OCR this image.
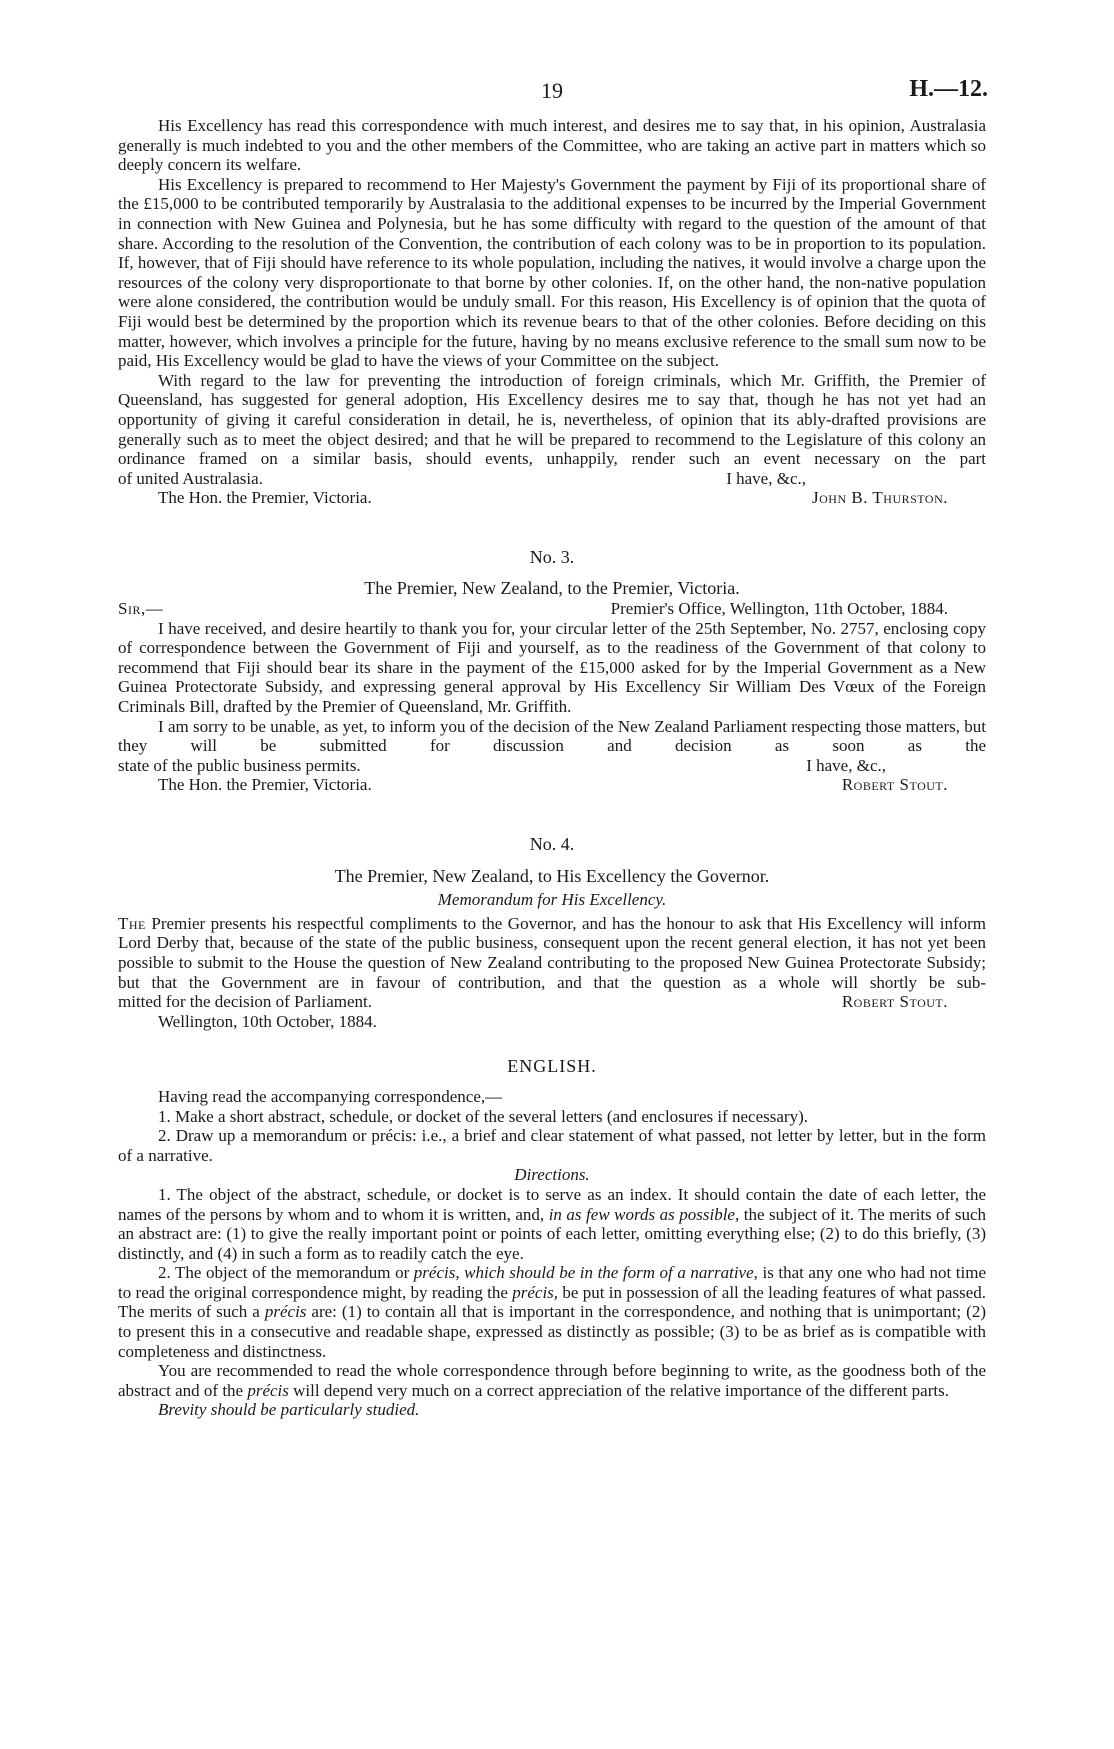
19	H.—12.

His Excellency has read this correspondence with much interest, and desires me to say that, in his opinion, Australasia generally is much indebted to you and the other members of the Committee, who are taking an active part in matters which so deeply concern its welfare.

His Excellency is prepared to recommend to Her Majesty's Government the payment by Fiji of its proportional share of the £15,000 to be contributed temporarily by Australasia to the additional expenses to be incurred by the Imperial Government in connection with New Guinea and Polynesia, but he has some difficulty with regard to the question of the amount of that share. According to the resolution of the Convention, the contribution of each colony was to be in proportion to its population. If, however, that of Fiji should have reference to its whole population, including the natives, it would involve a charge upon the resources of the colony very disproportionate to that borne by other colonies. If, on the other hand, the non-native population were alone considered, the contribution would be unduly small. For this reason, His Excellency is of opinion that the quota of Fiji would best be determined by the proportion which its revenue bears to that of the other colonies. Before deciding on this matter, however, which involves a principle for the future, having by no means exclusive reference to the small sum now to be paid, His Excellency would be glad to have the views of your Committee on the subject.

With regard to the law for preventing the introduction of foreign criminals, which Mr. Griffith, the Premier of Queensland, has suggested for general adoption, His Excellency desires me to say that, though he has not yet had an opportunity of giving it careful consideration in detail, he is, nevertheless, of opinion that its ably-drafted provisions are generally such as to meet the object desired; and that he will be prepared to recommend to the Legislature of this colony an ordinance framed on a similar basis, should events, unhappily, render such an event necessary on the part

of united Australasia.	I have, &c.,
The Hon. the Premier, Victoria.	John B. Thurston.
No. 3.
The Premier, New Zealand, to the Premier, Victoria.
Sir,—	Premier's Office, Wellington, 11th October, 1884.

I have received, and desire heartily to thank you for, your circular letter of the 25th September, No. 2757, enclosing copy of correspondence between the Government of Fiji and yourself, as to the readiness of the Government of that colony to recommend that Fiji should bear its share in the payment of the £15,000 asked for by the Imperial Government as a New Guinea Protectorate Subsidy, and expressing general approval by His Excellency Sir William Des Vœux of the Foreign Criminals Bill, drafted by the Premier of Queensland, Mr. Griffith.

I am sorry to be unable, as yet, to inform you of the decision of the New Zealand Parliament respecting those matters, but they will be submitted for discussion and decision as soon as the

state of the public business permits.	I have, &c.,
The Hon. the Premier, Victoria.	Robert Stout.
No. 4.
The Premier, New Zealand, to His Excellency the Governor.
Memorandum for His Excellency.

The Premier presents his respectful compliments to the Governor, and has the honour to ask that His Excellency will inform Lord Derby that, because of the state of the public business, consequent upon the recent general election, it has not yet been possible to submit to the House the question of New Zealand contributing to the proposed New Guinea Protectorate Subsidy; but that the Government are in favour of contribution, and that the question as a whole will shortly be sub-

mitted for the decision of Parliament.	Robert Stout.
Wellington, 10th October, 1884.
ENGLISH.

Having read the accompanying correspondence,—

1. Make a short abstract, schedule, or docket of the several letters (and enclosures if necessary).

2. Draw up a memorandum or précis: i.e., a brief and clear statement of what passed, not letter by letter, but in the form of a narrative.

Directions.

1. The object of the abstract, schedule, or docket is to serve as an index. It should contain the date of each letter, the names of the persons by whom and to whom it is written, and, in as few words as possible, the subject of it. The merits of such an abstract are: (1) to give the really important point or points of each letter, omitting everything else; (2) to do this briefly, (3) distinctly, and (4) in such a form as to readily catch the eye.

2. The object of the memorandum or précis, which should be in the form of a narrative, is that any one who had not time to read the original correspondence might, by reading the précis, be put in possession of all the leading features of what passed. The merits of such a précis are: (1) to contain all that is important in the correspondence, and nothing that is unimportant; (2) to present this in a consecutive and readable shape, expressed as distinctly as possible; (3) to be as brief as is compatible with completeness and distinctness.

You are recommended to read the whole correspondence through before beginning to write, as the goodness both of the abstract and of the précis will depend very much on a correct appreciation of the relative importance of the different parts.

Brevity should be particularly studied.
